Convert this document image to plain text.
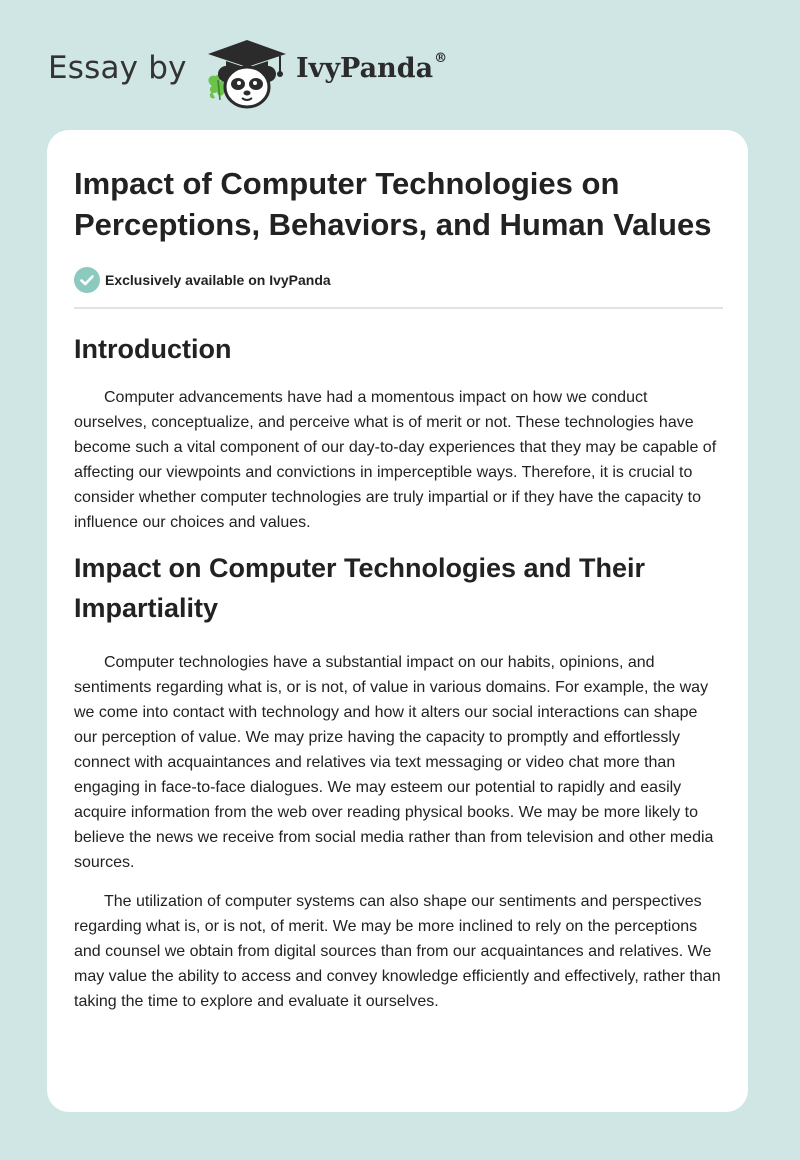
Essay by	IvyPanda®
Impact of Computer Technologies on Perceptions, Behaviors, and Human Values
Exclusively available on IvyPanda
Introduction

Computer advancements have had a momentous impact on how we conduct ourselves, conceptualize, and perceive what is of merit or not. These technologies have become such a vital component of our day-to-day experiences that they may be capable of affecting our viewpoints and convictions in imperceptible ways. Therefore, it is crucial to consider whether computer technologies are truly impartial or if they have the capacity to influence our choices and values.

Impact on Computer Technologies and Their Impartiality

Computer technologies have a substantial impact on our habits, opinions, and sentiments regarding what is, or is not, of value in various domains. For example, the way we come into contact with technology and how it alters our social interactions can shape our perception of value. We may prize having the capacity to promptly and effortlessly connect with acquaintances and relatives via text messaging or video chat more than engaging in face-to-face dialogues. We may esteem our potential to rapidly and easily acquire information from the web over reading physical books. We may be more likely to believe the news we receive from social media rather than from television and other media sources.

The utilization of computer systems can also shape our sentiments and perspectives regarding what is, or is not, of merit. We may be more inclined to rely on the perceptions and counsel we obtain from digital sources than from our acquaintances and relatives. We may value the ability to access and convey knowledge efficiently and effectively, rather than taking the time to explore and evaluate it ourselves.
